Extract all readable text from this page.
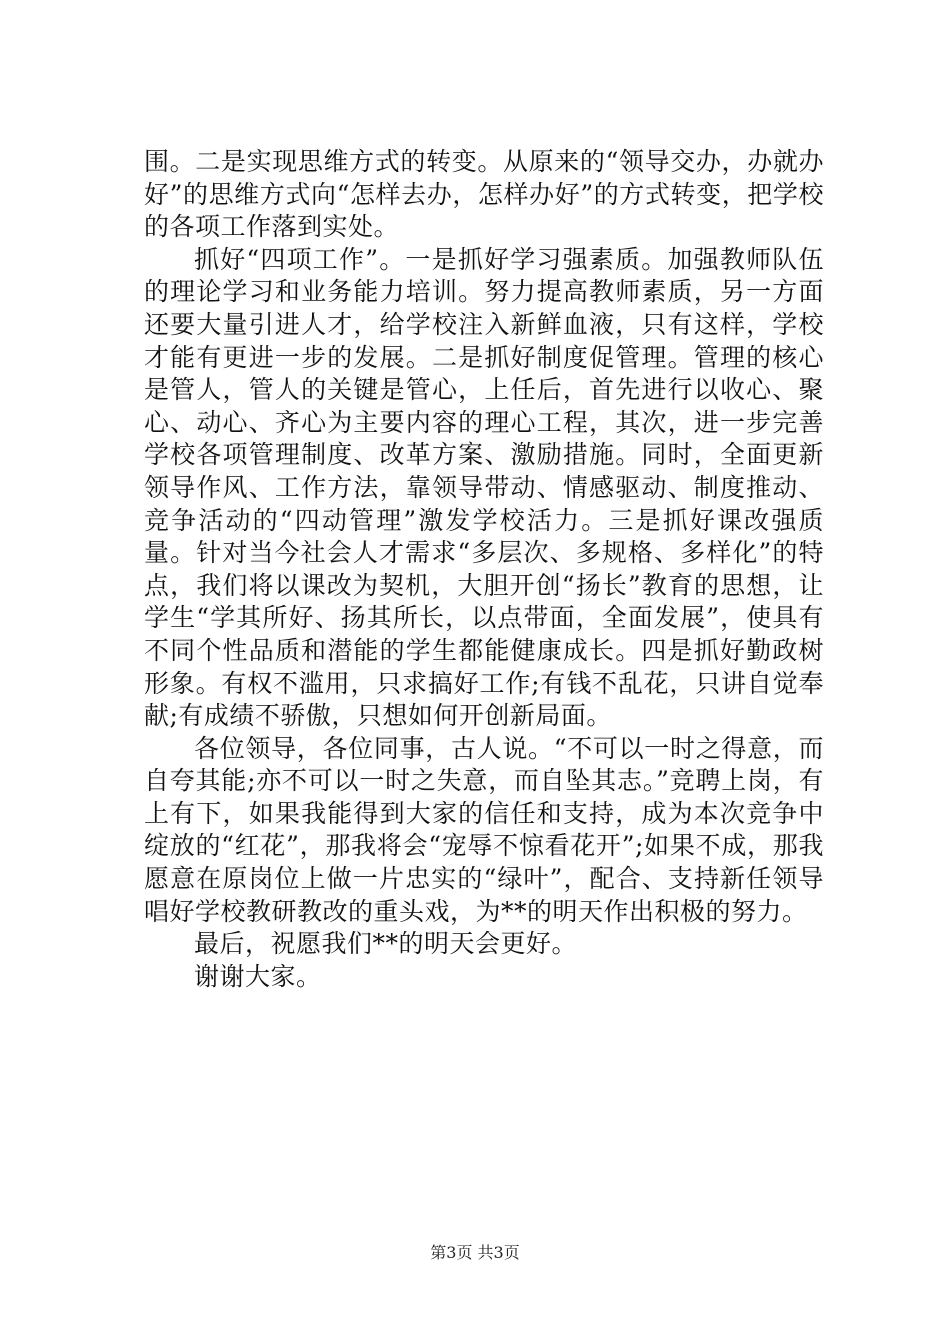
围。二是实现思维方式的转变。从原来的“领导交办，办就办好”的思维方式向“怎样去办，怎样办好”的方式转变，把学校的各项工作落到实处。

抓好“四项工作”。一是抓好学习强素质。加强教师队伍的理论学习和业务能力培训。努力提高教师素质，另一方面还要大量引进人才，给学校注入新鲜血液，只有这样，学校才能有更进一步的发展。二是抓好制度促管理。管理的核心是管人，管人的关键是管心，上任后，首先进行以收心、聚心、动心、齐心为主要内容的理心工程，其次，进一步完善学校各项管理制度、改革方案、激励措施。同时，全面更新领导作风、工作方法，靠领导带动、情感驱动、制度推动、竞争活动的“四动管理”激发学校活力。三是抓好课改强质量。针对当今社会人才需求“多层次、多规格、多样化”的特点，我们将以课改为契机，大胆开创“扬长”教育的思想，让学生“学其所好、扬其所长，以点带面，全面发展”，使具有不同个性品质和潜能的学生都能健康成长。四是抓好勤政树形象。有权不滥用，只求搞好工作;有钱不乱花，只讲自觉奉献;有成绩不骄傲，只想如何开创新局面。

各位领导，各位同事，古人说。“不可以一时之得意，而自夸其能;亦不可以一时之失意，而自坠其志。”竞聘上岗，有上有下，如果我能得到大家的信任和支持，成为本次竞争中绽放的“红花”，那我将会“宠辱不惊看花开”;如果不成，那我愿意在原岗位上做一片忠实的“绿叶”，配合、支持新任领导唱好学校教研教改的重头戏，为**的明天作出积极的努力。

最后，祝愿我们**的明天会更好。

谢谢大家。

第3页 共3页
